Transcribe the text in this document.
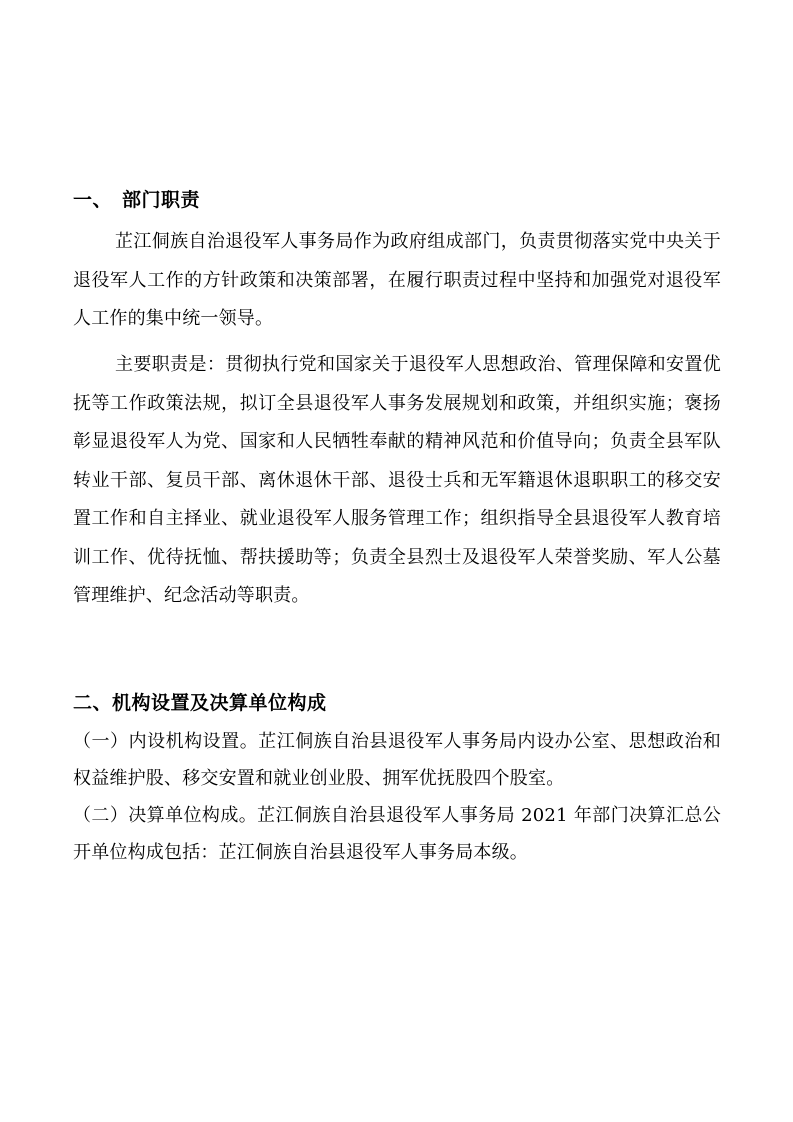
一、 部门职责

芷江侗族自治退役军人事务局作为政府组成部门，负责贯彻落实党中央关于退役军人工作的方针政策和决策部署，在履行职责过程中坚持和加强党对退役军人工作的集中统一领导。

主要职责是：贯彻执行党和国家关于退役军人思想政治、管理保障和安置优抚等工作政策法规，拟订全县退役军人事务发展规划和政策，并组织实施；褒扬彰显退役军人为党、国家和人民牺牲奉献的精神风范和价值导向；负责全县军队转业干部、复员干部、离休退休干部、退役士兵和无军籍退休退职职工的移交安置工作和自主择业、就业退役军人服务管理工作；组织指导全县退役军人教育培训工作、优待抚恤、帮扶援助等；负责全县烈士及退役军人荣誉奖励、军人公墓管理维护、纪念活动等职责。

二、机构设置及决算单位构成

（一）内设机构设置。芷江侗族自治县退役军人事务局内设办公室、思想政治和权益维护股、移交安置和就业创业股、拥军优抚股四个股室。

（二）决算单位构成。芷江侗族自治县退役军人事务局 2021 年部门决算汇总公开单位构成包括：芷江侗族自治县退役军人事务局本级。
